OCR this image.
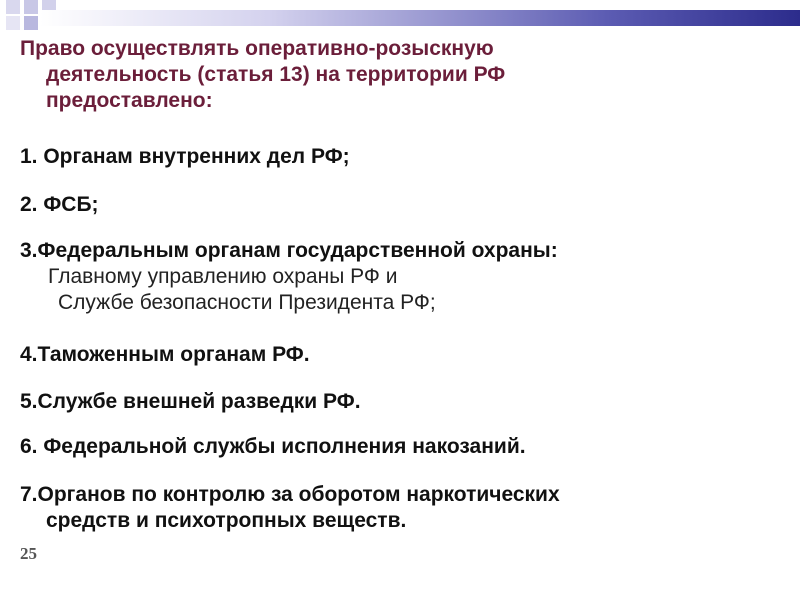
Право осуществлять оперативно-розыскную
деятельность (статья 13) на территории РФ
предоставлено:
1. Органам внутренних дел РФ;
2. ФСБ;
3.Федеральным органам государственной охраны:
Главному управлению охраны РФ и
Службе безопасности Президента РФ;
4.Таможенным органам РФ.
5.Службе внешней разведки РФ.
6. Федеральной службы исполнения накозаний.
7.Органов по контролю за оборотом наркотических
средств и психотропных веществ.
25
